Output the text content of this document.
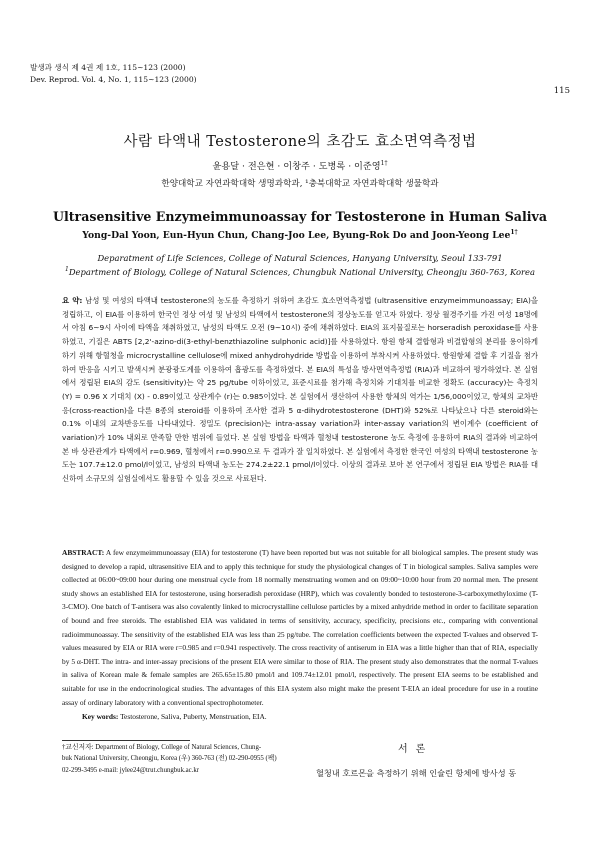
발생과 생식 제 4권 제 1호, 115~123 (2000)
Dev. Reprod. Vol. 4, No. 1, 115~123 (2000)
115
사람 타액내 Testosterone의 초감도 효소면역측정법
윤용달 · 전은현 · 이창주 · 도병록 · 이준영$^{1\dagger}$
한양대학교 자연과학대학 생명과학과, ¹충북대학교 자연과학대학 생물학과
Ultrasensitive Enzymeimmunoassay for Testosterone in Human Saliva
Yong-Dal Yoon, Eun-Hyun Chun, Chang-Joo Lee, Byung-Rok Do and Joon-Yeong Lee$^{1\dagger}$
Deparatment of Life Sciences, College of Natural Sciences, Hanyang University, Seoul 133-791
$^1$Department of Biology, College of Natural Sciences, Chungbuk National University, Cheongju 360-763, Korea
요 약: 남성 및 여성의 타액내 testosterone의 농도를 측정하기 위하여 초감도 효소면역측정법 (ultrasensitive enzymeimmunoassay; EIA)을 정립하고, 이 EIA를 이용하여 한국인 정상 여성 및 남성의 타액에서 testosterone의 정상농도를 얻고자 하였다. 정상 월경주기를 가진 여성 18명에서 아침 6~9시 사이에 타액을 채취하였고, 남성의 타액도 오전 (9~10시) 중에 채취하였다. EIA의 표지물질로는 horseradish peroxidase를 사용하였고, 기질은 ABTS [2,2'-azino-di(3-ethyl-benzthiazoline sulphonic acid)]를 사용하였다. 항원 항체 결합형과 비결합형의 분리를 용이하게 하기 위해 항혈청을 microcrystalline cellulose에 mixed anhydrohydride 방법을 이용하여 부착시켜 사용하였다. 항원항체 결합 후 기질을 첨가하여 반응을 시키고 발색시켜 분광광도계를 이용하여 흡광도를 측정하였다. 본 EIA의 특성을 방사면역측정법 (RIA)과 비교하여 평가하였다. 본 실험에서 정립된 EIA의 감도 (sensitivity)는 약 25 pg/tube 이하이었고, 표준시료를 첨가해 측정치와 기대치를 비교한 정확도 (accuracy)는 측정치 (Y) = 0.96 X 기대치 (X) - 0.89이었고 상관계수 (r)는 0.985이었다. 본 실험에서 생산하여 사용한 항체의 역가는 1/56,000이었고, 항체의 교차반응(cross-reaction)을 다른 8종의 steroid를 이용하여 조사한 결과 5 α-dihydrotestosterone (DHT)와 52%로 나타났으나 다른 steroid와는 0.1% 이내의 교차반응도를 나타내었다. 정밀도 (precision)는 intra-assay variation과 inter-assay variation의 변이계수 (coefficient of variation)가 10% 내외로 만족할 만한 범위에 들었다. 본 실험 방법을 타액과 혈청내 testosterone 농도 측정에 응용하여 RIA의 결과와 비교하여 본 바 상관관계가 타액에서 r=0.969, 혈청에서 r=0.990으로 두 결과가 잘 일치하였다. 본 실험에서 측정한 한국인 여성의 타액내 testosterone 농도는 107.7±12.0 pmol/l이었고, 남성의 타액내 농도는 274.2±22.1 pmol/l이었다. 이상의 결과로 보아 본 연구에서 정립된 EIA 방법은 RIA를 대신하여 소규모의 실험실에서도 활용할 수 있을 것으로 사료된다.
ABSTRACT: A few enzymeimmunoassay (EIA) for testosterone (T) have been reported but was not suitable for all biological samples. The present study was designed to develop a rapid, ultrasensitive EIA and to apply this technique for study the physiological changes of T in biological samples. Saliva samples were collected at 06:00~09:00 hour during one menstrual cycle from 18 normally menstruating women and on 09:00~10:00 hour from 20 normal men. The present study shows an established EIA for testosterone, using horseradish peroxidase (HRP), which was covalently bonded to testosterone-3-carboxymethyloxime (T-3-CMO). One batch of T-antisera was also covalently linked to microcrystalline cellulose particles by a mixed anhydride method in order to facilitate separation of bound and free steroids. The established EIA was validated in terms of sensitivity, accuracy, specificity, precisions etc., comparing with conventional radioimmunoassay. The sensitivity of the established EIA was less than 25 pg/tube. The correlation coefficients between the expected T-values and observed T-values measured by EIA or RIA were r=0.985 and r=0.941 respectively. The cross reactivity of antiserum in EIA was a little higher than that of RIA, especially by 5 α-DHT. The intra- and inter-assay precisions of the present EIA were similar to those of RIA. The present study also demonstrates that the normal T-values in saliva of Korean male & female samples are 265.65±15.80 pmol/l and 109.74±12.01 pmol/l, respectively. The present EIA seems to be established and suitable for use in the endocrinological studies. The advantages of this EIA system also might make the present T-EIA an ideal procedure for use in a routine assay of ordinary laboratory with a conventional spectrophotometer.
Key words: Testosterone, Saliva, Puberty, Menstruation, EIA.
†교신저자: Department of Biology, College of Natural Sciences, Chung-
buk National University, Cheongju, Korea (우) 360-763 (전) 02-290-0955 (팩)
02-299-3495 e-mail: jylee24@trut.chungbuk.ac.kr
서론
혈청내 호르몬을 측정하기 위해 인슐린 항체에 방사성 동
